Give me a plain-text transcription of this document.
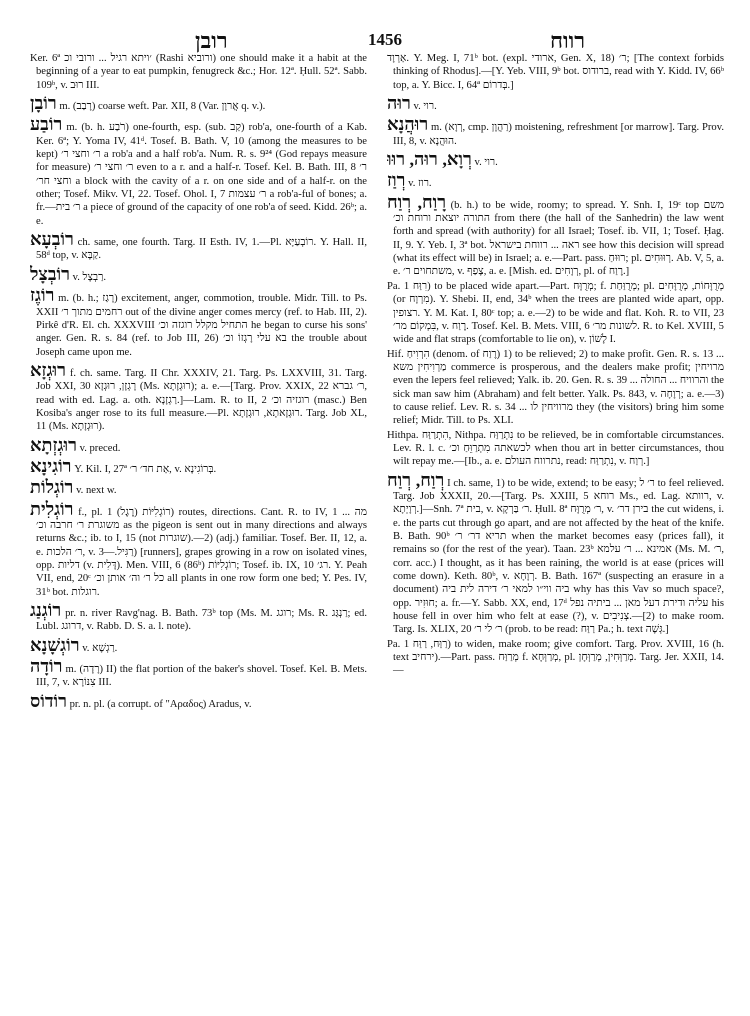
רובן	1456	רווח

Ker. 6ª ׳ויתא רגיל ... ורובי וכ (Rashi ורוביא) one should make it a habit at the beginning of a year to eat pumpkin, fenugreck &c.; Hor. 12ª. Ḥull. 52ª. Sabb. 109ᵇ, v. רוּב III.

רוֹבָן m. (רָבַב) coarse weft. Par. XII, 8 (Var. אֲרוָן q. v.).

רוֹבַע m. (b. h. רֹבַע) one-fourth, esp. (sub. קַב) rob'a, one-fourth of a Kab. Ker. 6ª; Y. Yoma IV, 41ᵈ. Tosef. B. Bath. V, 10 (among the measures to be kept) ר׳ וחצי ר׳ a rob'a and a half rob'a. Num. R. s. 9²⁴ (God repays measure for measure) ר׳ וחצי ר׳ even to a r. and a half-r. Tosef. Kel. B. Bath. III, 8 ר׳ וחצי חר׳ a block with the cavity of a r. on one side and of a half-r. on the other; Tosef. Mikv. VI, 22. Tosef. Ohol. I, 7 ר׳ עצמות a rob'a-ful of bones; a. fr.—ר׳ בית a piece of ground of the capacity of one rob'a of seed. Kidd. 26ᵇ; a. e.

רוֹבְעָא ch. same, one fourth. Targ. II Esth. IV, 1.—Pl. רוֹבְעַיָּא. Y. Hall. II, 58ᵈ top, v. קַבָּא.

רוֹבְצָל v. רַבְצָל.

רוֹגֶז m. (b. h.; רָגַז) excitement, anger, commotion, trouble. Midr. Till. to Ps. XXII רחמים מתוך ר׳ out of the divine anger comes mercy (ref. to Hab. III, 2). Pirkê d'R. El. ch. XXXVIII התחיל מקלל רוגזה וכ׳ he began to curse his sons' anger. Gen. R. s. 84 (ref. to Job III, 26) בא עלי רָגְזוֹ וכ׳ the trouble about Joseph came upon me.

רוּגְזָא f. ch. same. Targ. II Chr. XXXIV, 21. Targ. Ps. LXXVIII, 31. Targ. Job XXI, 30 רָגְזָן, רוּגְזָא (Ms. רוּגְזָתָא); a. e.—[Targ. Prov. XXIX, 22 ר׳ גברא, read with ed. Lag. a. oth. רַגְזָנָא.]—Lam. R. to II, 2 רוגזיה וכ׳ (masc.) Ben Kosiba's anger rose to its full measure.—Pl. רוּגְזָאתָא, רוּגְזָתָא. Targ. Job XL, 11 (Ms. רוּגְזָתָא).

רוּגְזְתָא v. preced.

רוֹגִינָא Y. Kil. I, 27ª אַת חד׳ ר׳, v. בְּרוֹגִינָא.

רוֹגְלוֹת v. next w.

רוֹגְלִית f., pl. רוֹגְלִיּוֹת (רֶגֶל) 1) routes, directions. Cant. R. to IV, 1 מה ... משוגרת ר׳ חרבה וכ׳ as the pigeon is sent out in many directions and always returns &c.; ib. to I, 15 (not שוגרות).—2) (adj.) familiar. Tosef. Ber. II, 12, a. e. ר׳ הלכות, v. רַגִּיל.—3) [runners], grapes growing in a row on isolated vines, opp. דליות (v. דָּלִית). Men. VIII, 6 (86ᵇ) רוֹגְלִיּוֹת; Tosef. ib. IX, 10 רג׳. Y. Peah VII, end, 20ᶜ כל ר׳ וה׳ אותן וכ׳ all plants in one row form one bed; Y. Pes. IV, 31ᵇ bot. רוגלות.

רוֹגְנַג pr. n. river Ravg'nag. B. Bath. 73ᵇ top (Ms. M. רוגג; Ms. R. רַנְגַּג; ed. Lubl. דרוגג, v. Rabb. D. S. a. l. note).

רוֹגְשָׁנָא v. רַגְשָׁא.

רוֹדָה m. (רָדָה) II) the flat portion of the baker's shovel. Tosef. Kel. B. Mets. III, 7, v. צִנּוֹרָא III.

רוֹדוֹס pr. n. pl. (a corrupt. of "Αραδος) Aradus, v.

אַרְוָד. Y. Meg. I, 71ᵇ bot. (expl. ארודי, Gen. X, 18) ר׳; [The context forbids thinking of Rhodus].—[Y. Yeb. VIII, 9ᵇ bot. ברודוס, read with Y. Kidd. IV, 66ᵇ top, a. Y. Bicc. I, 64ª בְּדרוֹם.]

רוּה v. רוי.

רוּהֲנָא m. (רְוָא, cmp. רַהֲוָן) moistening, refreshment [or marrow]. Targ. Prov. III, 8, v. הוּהֲנָא.

רְוָא, רוּה, רוּוּ v. רוי.

רְוַז v. רוז.

רָוַח, רְוַח (b. h.) to be wide, roomy; to spread. Y. Snh. I, 19ᶜ top משם התורה יוצאת ורוחת וכ׳ from there (the hall of the Sanhedrin) the law went forth and spread (with authority) for all Israel; Tosef. ib. VII, 1; Tosef. Ḥag. II, 9. Y. Yeb. I, 3ª bot. ראה ... רווחת בישראל see how this decision will spread (what its effect will be) in Israel; a. e.—Part. pass. רוּוּחַ; pl. רְוּוּחִים. Ab. V, 5, a. e. משתחוים ר׳, v. צָפַף, a. e. [Mish. ed. רְוָחִים, pl. of רֶוַח.]

Pa. רִוַּח 1) to be placed wide apart.—Part. מְרֻוָּח; f. מְרֻוַּחַת; pl. מְרֻוָּחוֹת, מְרֻוָּחִים (or מִרְוָח). Y. Shebi. II, end, 34ᵇ when the trees are planted wide apart, opp. רצופין. Y. M. Kat. I, 80ᶜ top; a. e.—2) to be wide and flat. Koh. R. to VII, 23 בִּמְקוֹם מר׳, v. רֶוַח. Tosef. Kel. B. Mets. VIII, 6 לשונות מר׳. R. to Kel. XVIII, 5 wide and flat straps (comfortable to lie on), v. לָשׁוֹן I.

Hif. הִרְוִיחַ (denom. of רֶוַח) 1) to be relieved; 2) to make profit. Gen. R. s. 13 ... מַרְוִיחִין משא commerce is prosperous, and the dealers make profit; מרויחין even the lepers feel relieved; Yalk. ib. 20. Gen. R. s. 39 ... והרוויח ... החולה the sick man saw him (Abraham) and felt better. Yalk. Ps. 843, v. רְוָחָה; a. e.—3) to cause relief. Lev. R. s. 34 ... מרוויחין לו they (the visitors) bring him some relief; Midr. Till. to Ps. XLI.

Hithpa. הִתְרַוַּח, Nithpa. נִתְרַוַּח to be relieved, be in comfortable circumstances. Lev. R. l. c. לכשאתה מִתְרַוֵּחַ וכ׳ when thou art in better circumstances, thou wilt repay me.—[Ib., a. e. נתרווח העולם, read: נִתְרַוַּח, v. רְוַח.]

רְוַח, רְוַח I ch. same, 1) to be wide, extend; to be easy; ר׳ ל to feel relieved. Targ. Job XXXII, 20.—[Targ. Ps. XXIII, 5 רוחא Ms., ed. Lag. רוותא, v. רְוָיְתָא.]—Snh. 7ª בית, v. ר׳ בַּרְקָא. Ḥull. 8ª ר׳ מְרֻוָּח, v. בירן דר׳ the cut widens, i. e. the parts cut through go apart, and are not affected by the heat of the knife. B. Bath. 90ᵇ תריא דר׳ ר׳ when the market becomes easy (prices fall), it remains so (for the rest of the year). Taan. 23ᵇ אמינא ... ר׳ עלמא (Ms. M. ר׳, corr. acc.) I thought, as it has been raining, the world is at ease (prices will come down). Keth. 80ᵇ, v. רְוָחָא. B. Bath. 167ª (suspecting an erasure in a document) ביה ווי״ו למאי ר׳ דירה לית ביה why has this Vav so much space?, opp. חוּזִיר; a. fr.—Y. Sabb. XX, end, 17ᵈ עליה ודירת דעל מאן ... ביתיה נפל his house fell in over him who felt at ease (?), v. צְנִיבִים.—[2) to make room. Targ. Is. XLIX, 20 ר׳ לי ר׳ (prob. to be read: רַוַּח Pa.; h. text גְּשָׁה.]

Pa. רַוַּח, רַוַּח 1) to widen, make room; give comfort. Targ. Prov. XVIII, 16 (h. text ירחיב).—Part. pass. מְרַוַּח f. מְרַוְּחָא, pl. מְרַוְּחִין, מְרַוְּחָן. Targ. Jer. XXII, 14.—
